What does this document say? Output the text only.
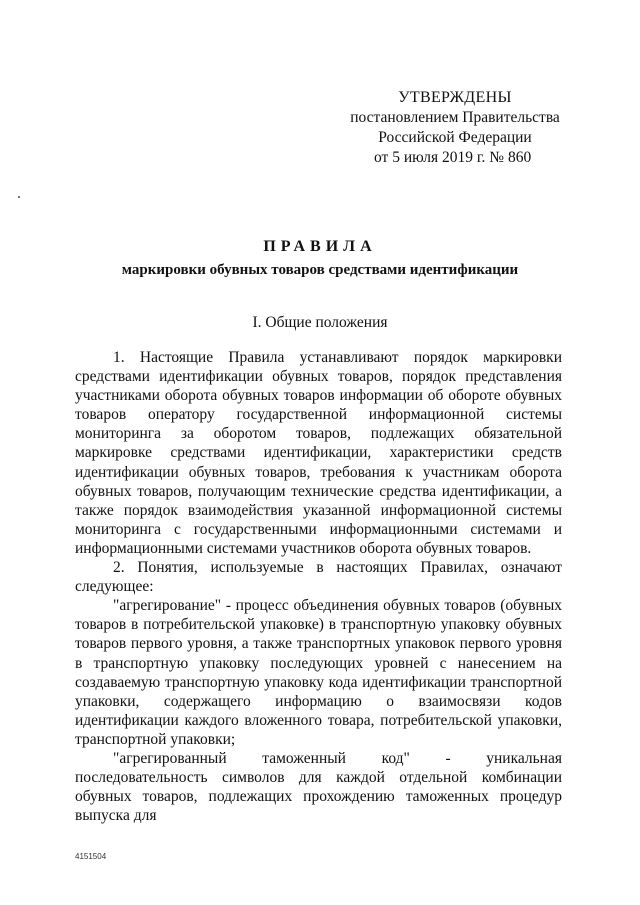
УТВЕРЖДЕНЫ
постановлением Правительства
Российской Федерации
от 5 июля 2019 г. № 860
ПРАВИЛА
маркировки обувных товаров средствами идентификации
I. Общие положения

1. Настоящие Правила устанавливают порядок маркировки средствами идентификации обувных товаров, порядок представления участниками оборота обувных товаров информации об обороте обувных товаров оператору государственной информационной системы мониторинга за оборотом товаров, подлежащих обязательной маркировке средствами идентификации, характеристики средств идентификации обувных товаров, требования к участникам оборота обувных товаров, получающим технические средства идентификации, а также порядок взаимодействия указанной информационной системы мониторинга с государственными информационными системами и информационными системами участников оборота обувных товаров.

2. Понятия, используемые в настоящих Правилах, означают следующее:

"агрегирование" - процесс объединения обувных товаров (обувных товаров в потребительской упаковке) в транспортную упаковку обувных товаров первого уровня, а также транспортных упаковок первого уровня в транспортную упаковку последующих уровней с нанесением на создаваемую транспортную упаковку кода идентификации транспортной упаковки, содержащего информацию о взаимосвязи кодов идентификации каждого вложенного товара, потребительской упаковки, транспортной упаковки;

"агрегированный таможенный код" - уникальная последовательность символов для каждой отдельной комбинации обувных товаров, подлежащих прохождению таможенных процедур выпуска для

4151504
